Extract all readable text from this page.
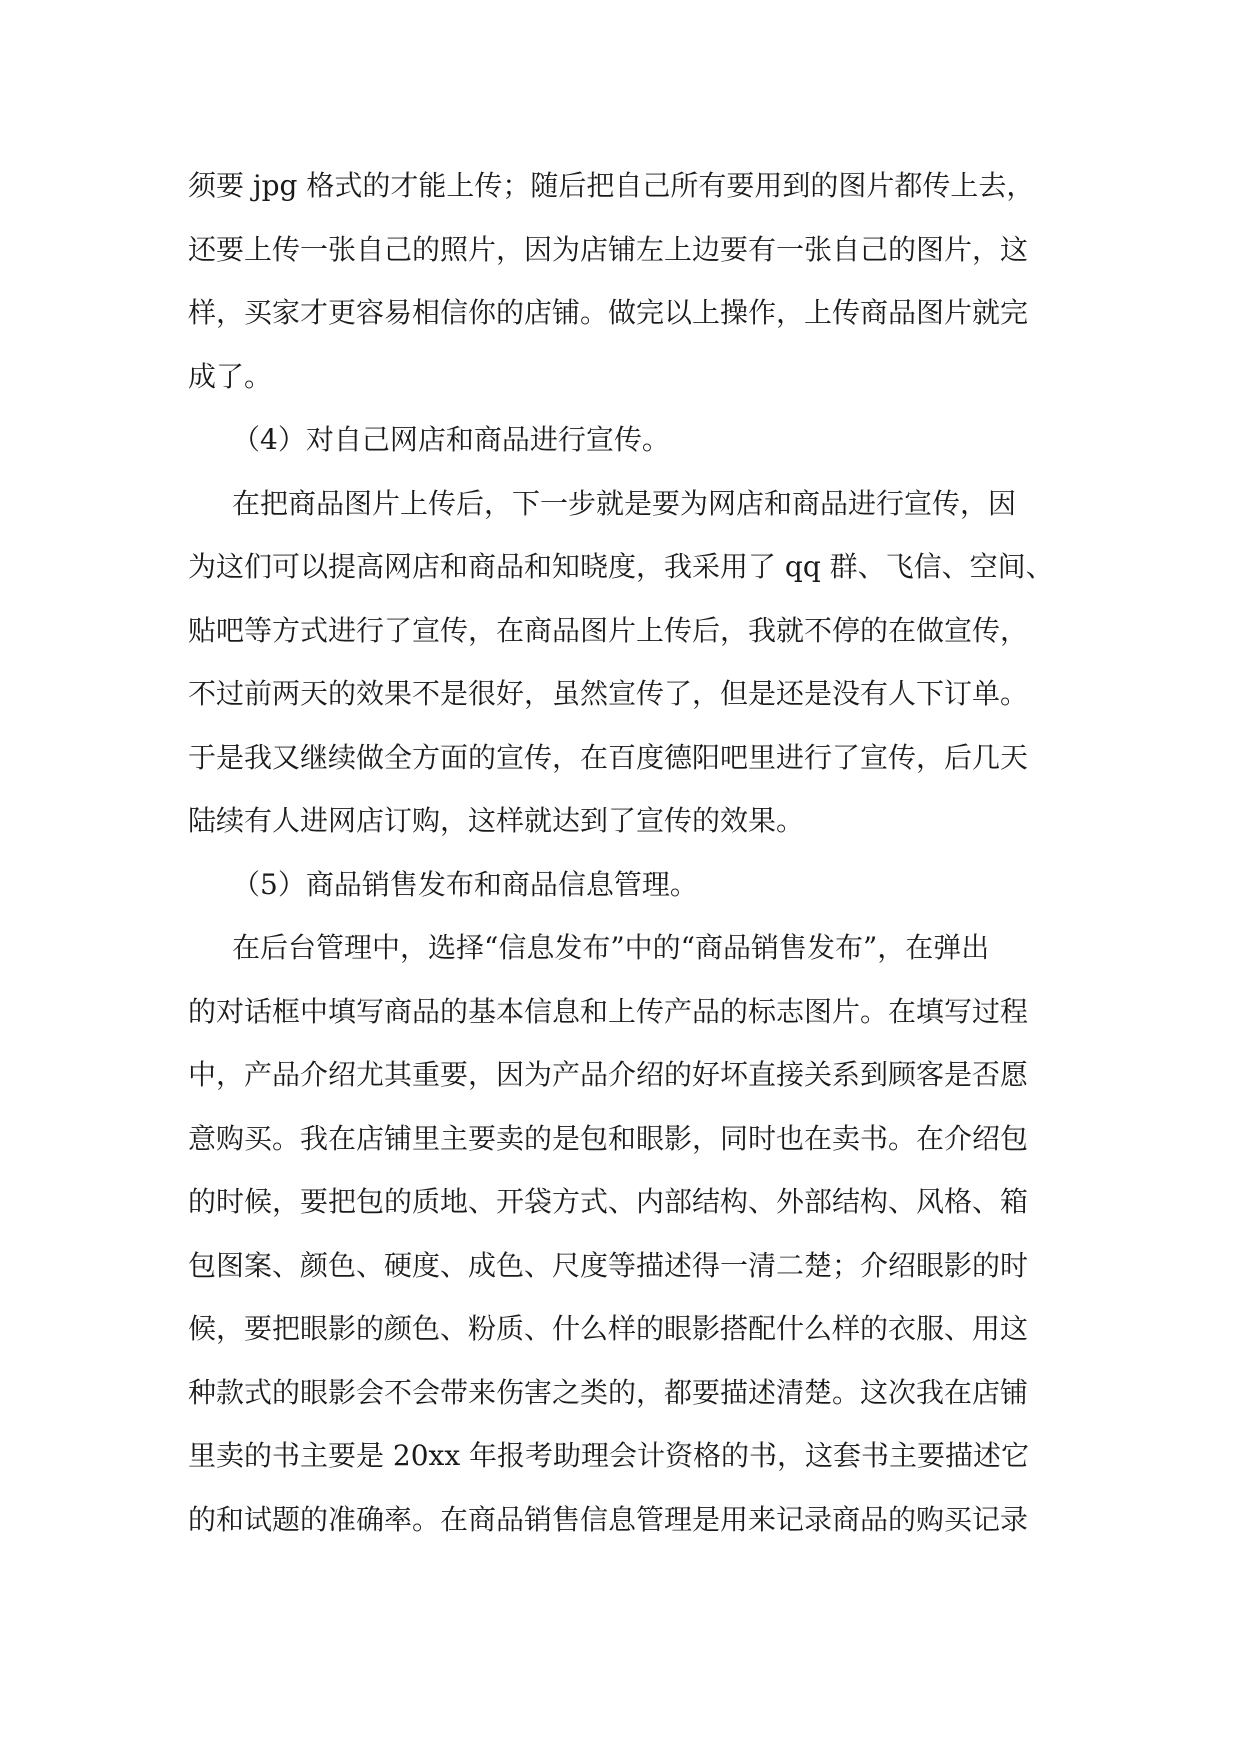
须要 jpg 格式的才能上传；随后把自己所有要用到的图片都传上去，
还要上传一张自己的照片，因为店铺左上边要有一张自己的图片，这
样，买家才更容易相信你的店铺。做完以上操作，上传商品图片就完
成了。
（4）对自己网店和商品进行宣传。
在把商品图片上传后，下一步就是要为网店和商品进行宣传，因
为这们可以提高网店和商品和知晓度，我采用了 qq 群、飞信、空间、
贴吧等方式进行了宣传，在商品图片上传后，我就不停的在做宣传，
不过前两天的效果不是很好，虽然宣传了，但是还是没有人下订单。
于是我又继续做全方面的宣传，在百度德阳吧里进行了宣传，后几天
陆续有人进网店订购，这样就达到了宣传的效果。
（5）商品销售发布和商品信息管理。
在后台管理中，选择“信息发布”中的“商品销售发布”，在弹出
的对话框中填写商品的基本信息和上传产品的标志图片。在填写过程
中，产品介绍尤其重要，因为产品介绍的好坏直接关系到顾客是否愿
意购买。我在店铺里主要卖的是包和眼影，同时也在卖书。在介绍包
的时候，要把包的质地、开袋方式、内部结构、外部结构、风格、箱
包图案、颜色、硬度、成色、尺度等描述得一清二楚；介绍眼影的时
候，要把眼影的颜色、粉质、什么样的眼影搭配什么样的衣服、用这
种款式的眼影会不会带来伤害之类的，都要描述清楚。这次我在店铺
里卖的书主要是 20xx 年报考助理会计资格的书，这套书主要描述它
的和试题的准确率。在商品销售信息管理是用来记录商品的购买记录
